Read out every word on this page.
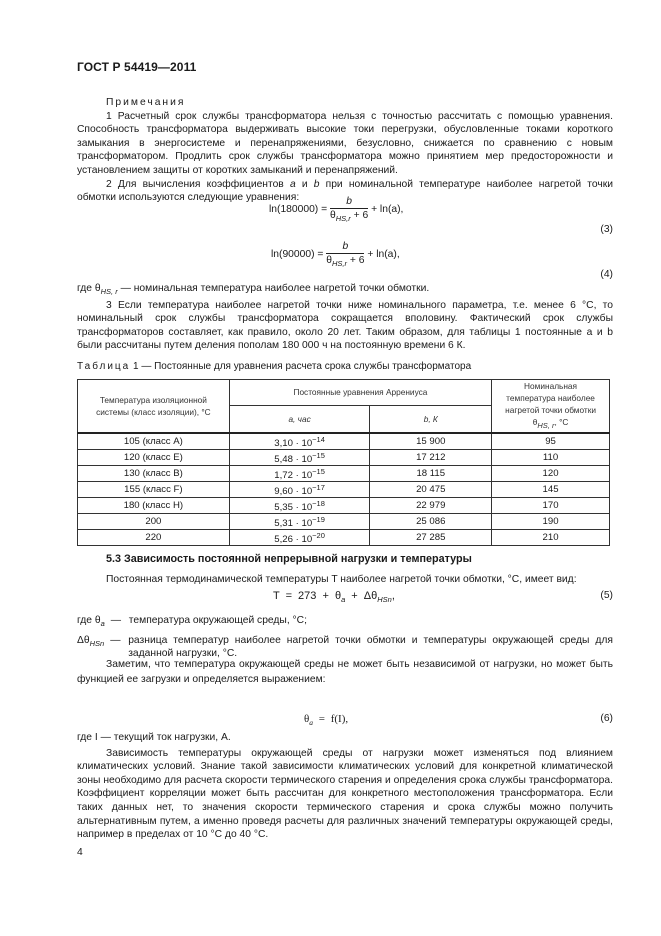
ГОСТ Р 54419—2011

Примечания

1 Расчетный срок службы трансформатора нельзя с точностью рассчитать с помощью уравнения. Способность трансформатора выдерживать высокие токи перегрузки, обусловленные токами короткого замыкания в энергосистеме и перенапряжениями, безусловно, снижается по сравнению с новым трансформатором. Продлить срок службы трансформатора можно принятием мер предосторожности и установлением защиты от коротких замыканий и перенапряжений.

2 Для вычисления коэффициентов a и b при номинальной температуре наиболее нагретой точки обмотки используются следующие уравнения:

$\ln(180000) = \frac{b}{\theta_{HS,r} + 6} + \ln(a)$,
(3)
$\ln(90000) = \frac{b}{\theta_{HS,r} + 6} + \ln(a)$,
(4)

где $\theta_{HS, r}$ — номинальная температура наиболее нагретой точки обмотки.

3 Если температура наиболее нагретой точки ниже номинального параметра, т.е. менее 6 °С, то номинальный срок службы трансформатора сокращается вполовину. Фактический срок службы трансформаторов составляет, как правило, около 20 лет. Таким образом, для таблицы 1 постоянные a и b были рассчитаны путем деления пополам 180 000 ч на постоянную времени 6 К.

Таблица 1 — Постоянные для уравнения расчета срока службы трансформатора
Температура изоляционной системы (класс изоляции), °С	Постоянные уравнения Аррениуса		Номинальная температура наиболее нагретой точки обмотки $\theta_{HS, r}$, °С
	a, час	b, К	
105 (класс А)	$3,10 \cdot 10^{-14}$	15 900	95
120 (класс Е)	$5,48 \cdot 10^{-15}$	17 212	110
130 (класс В)	$1,72 \cdot 10^{-15}$	18 115	120
155 (класс F)	$9,60 \cdot 10^{-17}$	20 475	145
180 (класс Н)	$5,35 \cdot 10^{-18}$	22 979	170
200	$5,31 \cdot 10^{-19}$	25 086	190
220	$5,26 \cdot 10^{-20}$	27 285	210

5.3 Зависимость постоянной непрерывной нагрузки и температуры

Постоянная термодинамической температуры T наиболее нагретой точки обмотки, °С, имеет вид:

$T = 273 + \theta_a + \Delta\theta_{HSn}$,	(5)
где $\theta_a$ — температура окружающей среды, °С;
$\Delta\theta_{HSn}$ — разница температур наиболее нагретой точки обмотки и температуры окружающей среды для заданной нагрузки, °С.

Заметим, что температура окружающей среды не может быть независимой от нагрузки, но может быть функцией ее загрузки и определяется выражением:

$\theta_a = f(I)$,	(6)

где I — текущий ток нагрузки, А.

Зависимость температуры окружающей среды от нагрузки может изменяться под влиянием климатических условий. Знание такой зависимости климатических условий для конкретной климатической зоны необходимо для расчета скорости термического старения и определения срока службы трансформатора. Коэффициент корреляции может быть рассчитан для конкретного местоположения трансформатора. Если таких данных нет, то значения скорости термического старения и срока службы можно получить альтернативным путем, а именно проведя расчеты для различных значений температуры окружающей среды, например в пределах от 10 °С до 40 °С.

4
